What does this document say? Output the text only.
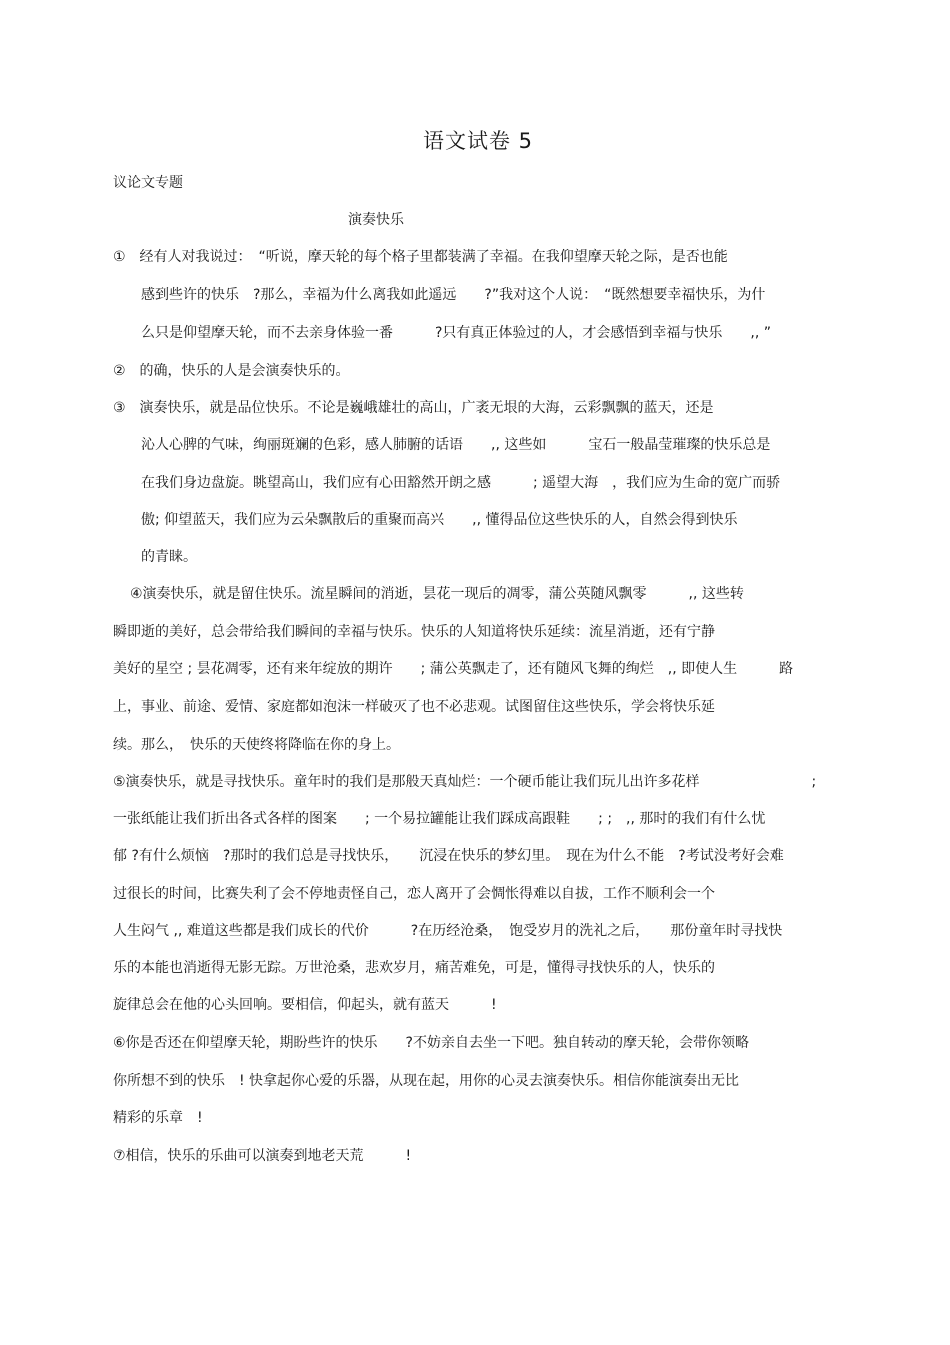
语文试卷 5
议论文专题
演奏快乐
①　经有人对我说过：　“听说，摩天轮的每个格子里都装满了幸福。在我仰望摩天轮之际，是否也能
感到些许的快乐　?那么，幸福为什么离我如此遥远　　?”我对这个人说：　“既然想要幸福快乐，为什
么只是仰望摩天轮，而不去亲身体验一番　　　?只有真正体验过的人，才会感悟到幸福与快乐　　,, ”
②　的确，快乐的人是会演奏快乐的。
③　演奏快乐，就是品位快乐。不论是巍峨雄壮的高山，广袤无垠的大海，云彩飘飘的蓝天，还是
沁人心脾的气味，绚丽斑斓的色彩，感人肺腑的话语　　,, 这些如　　　宝石一般晶莹璀璨的快乐总是
在我们身边盘旋。眺望高山，我们应有心田豁然开朗之感　　　; 遥望大海　，我们应为生命的宽广而骄
傲; 仰望蓝天，我们应为云朵飘散后的重聚而高兴　　,, 懂得品位这些快乐的人，自然会得到快乐
的青睐。
④演奏快乐，就是留住快乐。流星瞬间的消逝，昙花一现后的凋零，蒲公英随风飘零　　　,, 这些转
瞬即逝的美好，总会带给我们瞬间的幸福与快乐。快乐的人知道将快乐延续：流星消逝，还有宁静
美好的星空 ; 昙花凋零，还有来年绽放的期许　　; 蒲公英飘走了，还有随风飞舞的绚烂　,, 即使人生　　　路
上，事业、前途、爱情、家庭都如泡沫一样破灭了也不必悲观。试图留住这些快乐，学会将快乐延
续。那么，　快乐的天使终将降临在你的身上。
⑤演奏快乐，就是寻找快乐。童年时的我们是那般天真灿烂：一个硬币能让我们玩儿出许多花样　　　　　　　　;
一张纸能让我们折出各式各样的图案　　; 一个易拉罐能让我们踩成高跟鞋　　; ;　,, 那时的我们有什么忧
郁 ?有什么烦恼　?那时的我们总是寻找快乐，　　沉浸在快乐的梦幻里。　现在为什么不能　?考试没考好会难
过很长的时间，比赛失利了会不停地责怪自己，恋人离开了会惆怅得难以自拔，工作不顺利会一个
人生闷气 ,, 难道这些都是我们成长的代价　　　?在历经沧桑，　饱受岁月的洗礼之后，　　那份童年时寻找快
乐的本能也消逝得无影无踪。万世沧桑，悲欢岁月，痛苦难免，可是，懂得寻找快乐的人，快乐的
旋律总会在他的心头回响。要相信，仰起头，就有蓝天　　　!
⑥你是否还在仰望摩天轮，期盼些许的快乐　　?不妨亲自去坐一下吧。独自转动的摩天轮，会带你领略
你所想不到的快乐　! 快拿起你心爱的乐器，从现在起，用你的心灵去演奏快乐。相信你能演奏出无比
精彩的乐章　!
⑦相信，快乐的乐曲可以演奏到地老天荒　　　!
